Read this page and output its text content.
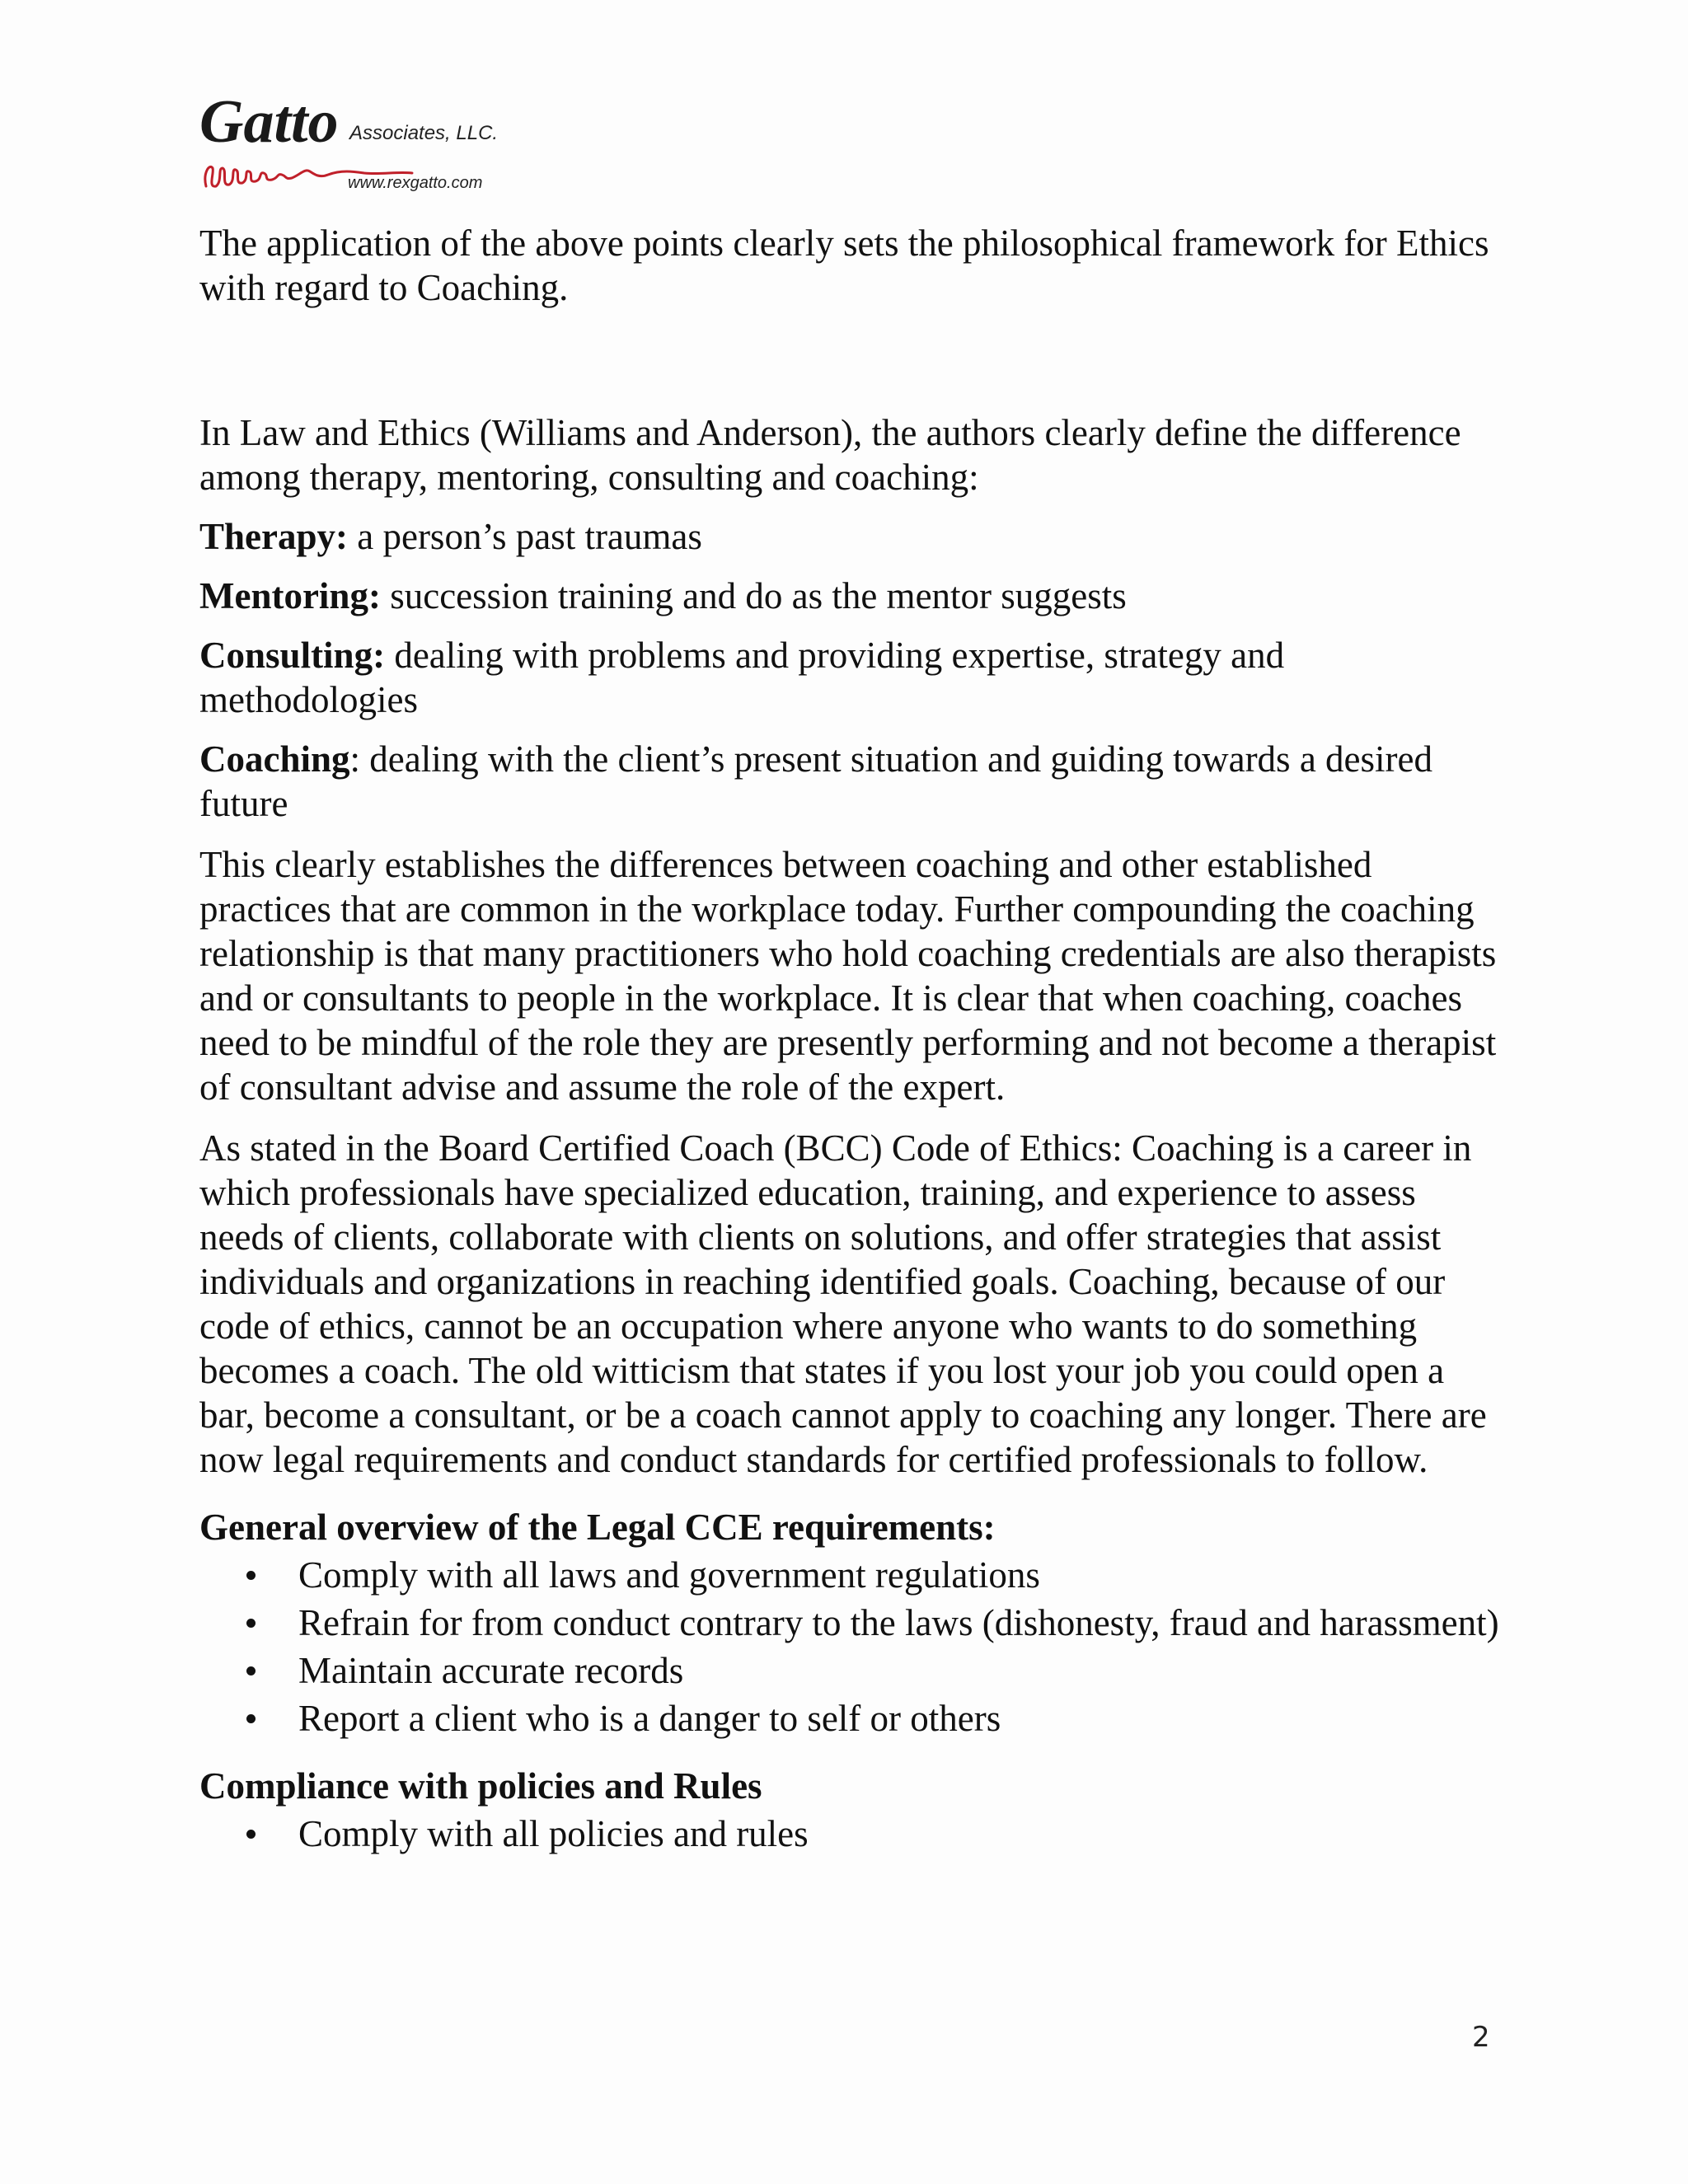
Gatto Associates, LLC.
www.rexgatto.com

The application of the above points clearly sets the philosophical framework for Ethics with regard to Coaching.

In Law and Ethics (Williams and Anderson), the authors clearly define the difference among therapy, mentoring, consulting and coaching:

Therapy: a person’s past traumas

Mentoring: succession training and do as the mentor suggests

Consulting: dealing with problems and providing expertise, strategy and methodologies

Coaching: dealing with the client’s present situation and guiding towards a desired future

This clearly establishes the differences between coaching and other established practices that are common in the workplace today. Further compounding the coaching relationship is that many practitioners who hold coaching credentials are also therapists and or consultants to people in the workplace. It is clear that when coaching, coaches need to be mindful of the role they are presently performing and not become a therapist of consultant advise and assume the role of the expert.

As stated in the Board Certified Coach (BCC) Code of Ethics: Coaching is a career in which professionals have specialized education, training, and experience to assess needs of clients, collaborate with clients on solutions, and offer strategies that assist individuals and organizations in reaching identified goals. Coaching, because of our code of ethics, cannot be an occupation where anyone who wants to do something becomes a coach. The old witticism that states if you lost your job you could open a bar, become a consultant, or be a coach cannot apply to coaching any longer. There are now legal requirements and conduct standards for certified professionals to follow.

General overview of the Legal CCE requirements:

Comply with all laws and government regulations
Refrain for from conduct contrary to the laws (dishonesty, fraud and harassment)
Maintain accurate records
Report a client who is a danger to self or others

Compliance with policies and Rules

Comply with all policies and rules
2
